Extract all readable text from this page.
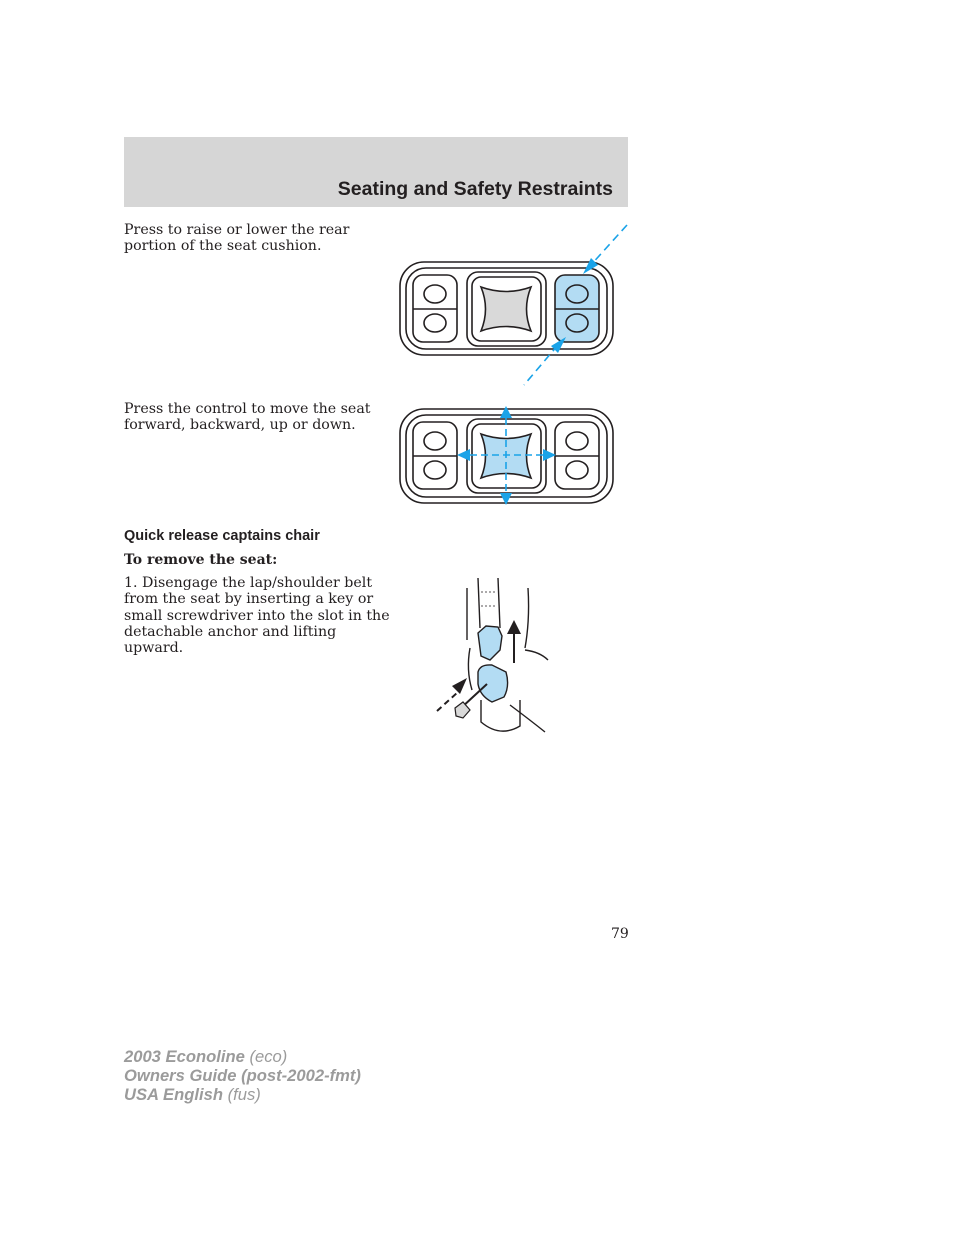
Seating and Safety Restraints
Press to raise or lower the rear
portion of the seat cushion.
Press the control to move the seat
forward, backward, up or down.
Quick release captains chair
To remove the seat:
1. Disengage the lap/shoulder belt
from the seat by inserting a key or
small screwdriver into the slot in the
detachable anchor and lifting
upward.
79
2003 Econoline (eco)
Owners Guide (post-2002-fmt)
USA English (fus)
